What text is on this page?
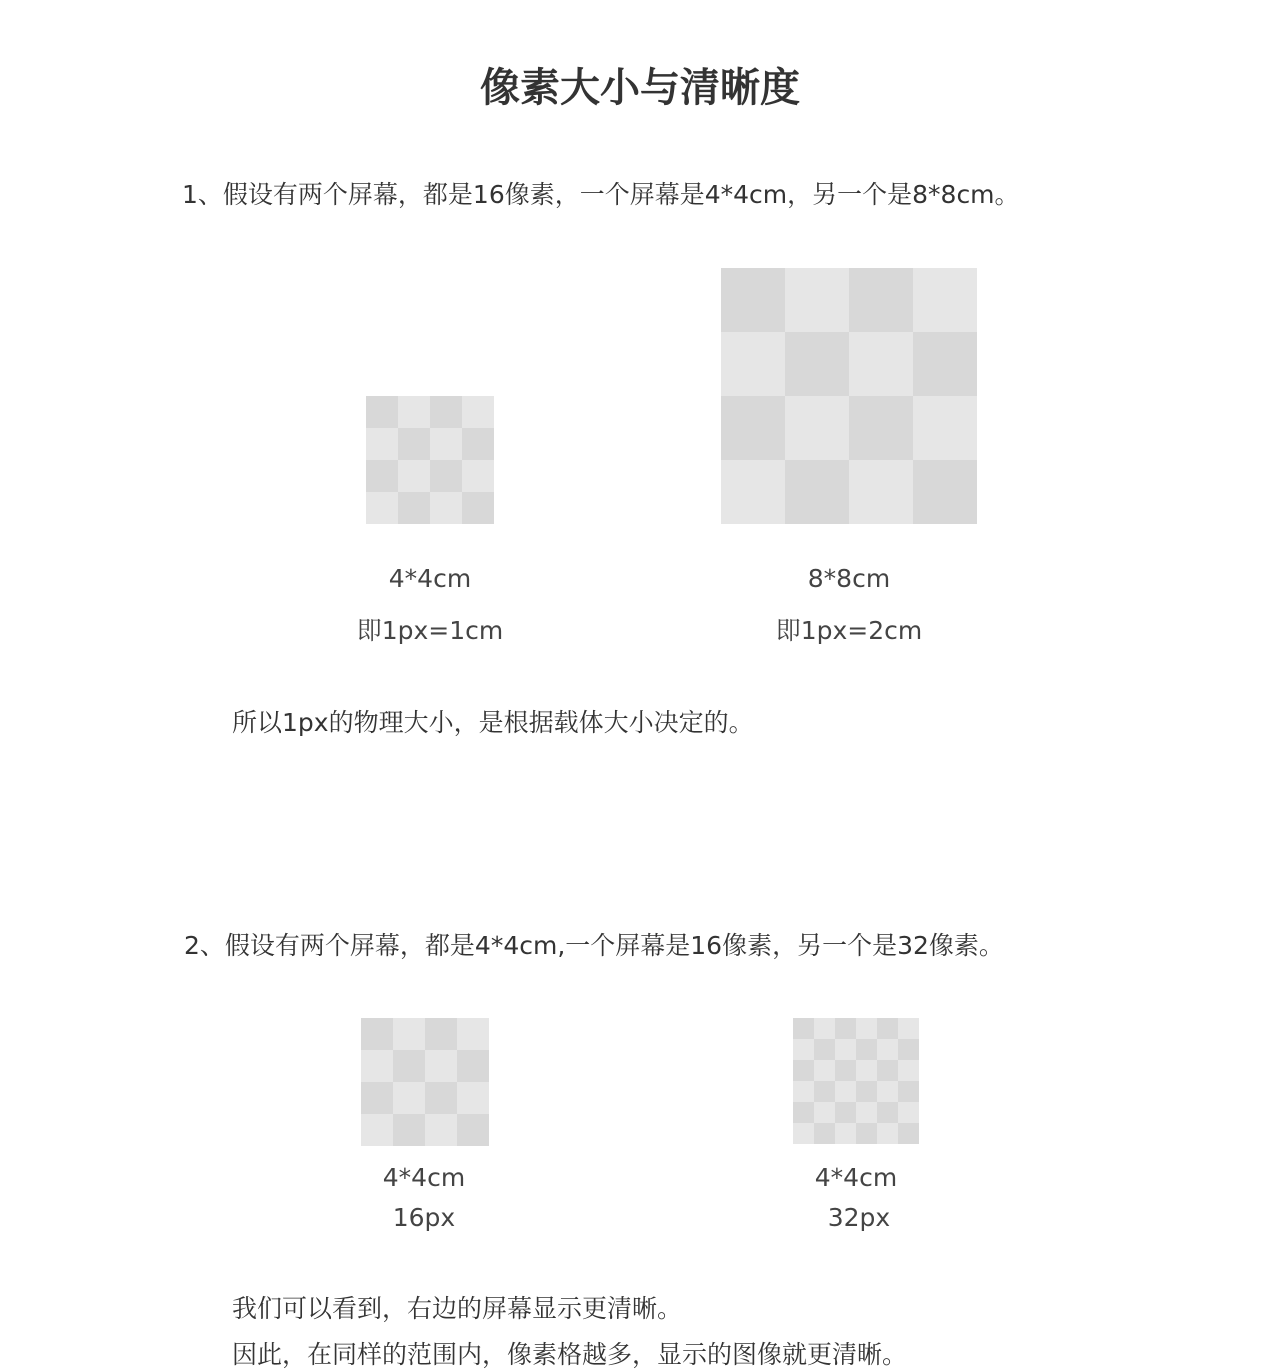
像素大小与清晰度
1、假设有两个屏幕，都是16像素，一个屏幕是4*4cm，另一个是8*8cm。
4*4cm
即1px=1cm
8*8cm
即1px=2cm
所以1px的物理大小，是根据载体大小决定的。
2、假设有两个屏幕，都是4*4cm,一个屏幕是16像素，另一个是32像素。
4*4cm
16px
4*4cm
32px
我们可以看到，右边的屏幕显示更清晰。
因此，在同样的范围内，像素格越多，显示的图像就更清晰。
